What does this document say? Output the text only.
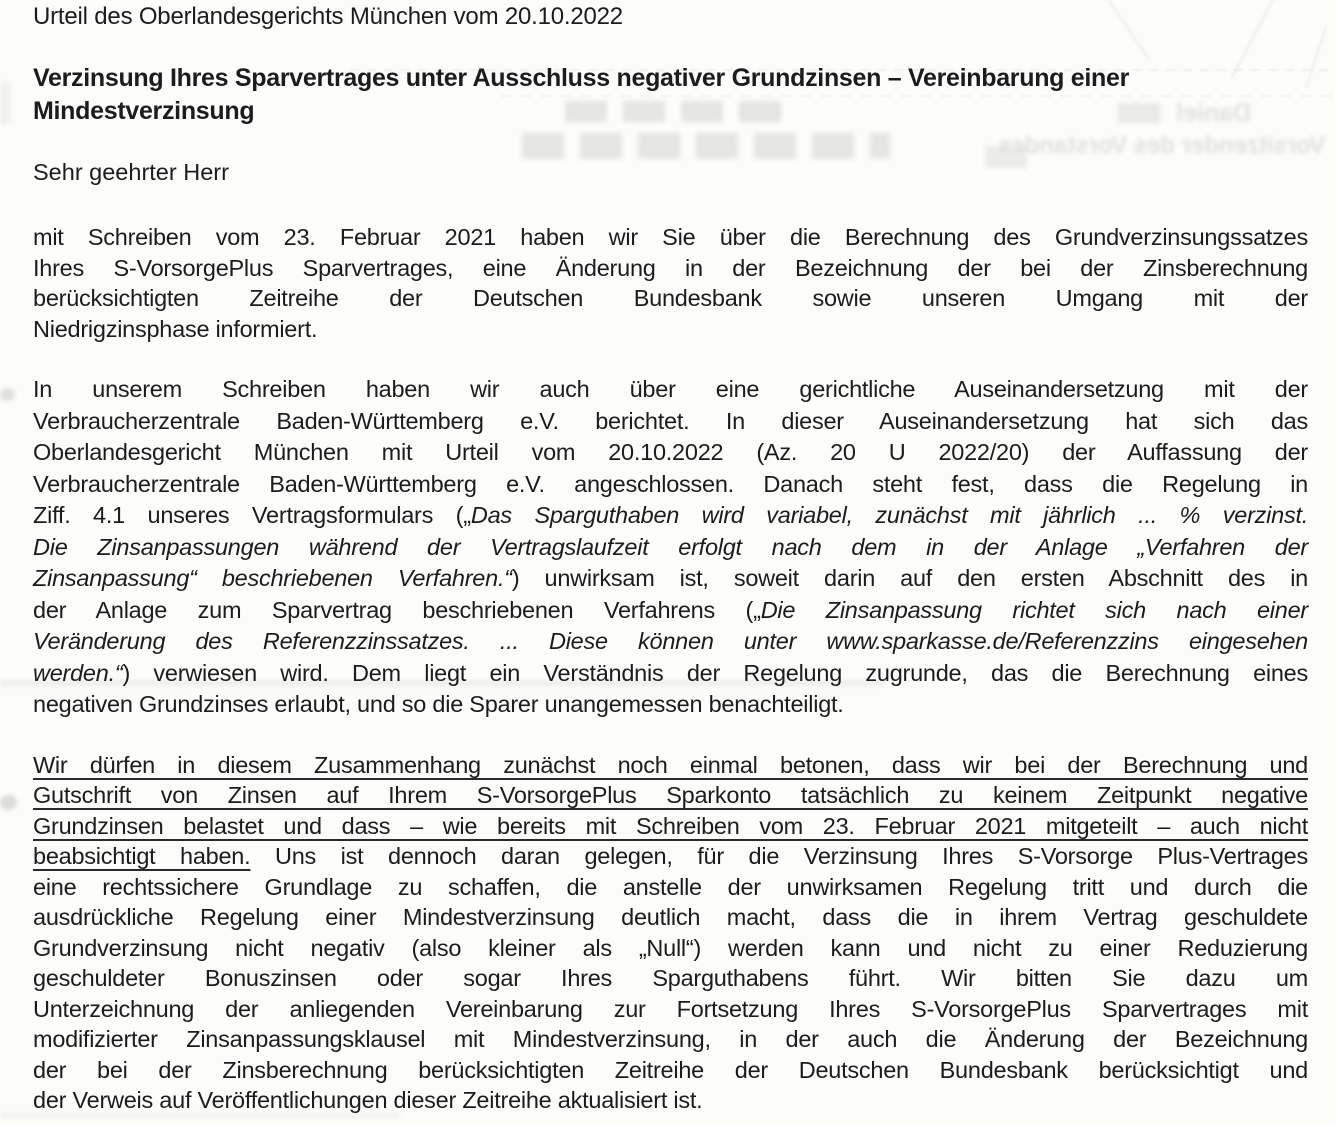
Daniel
Vorsitzender des Vorstandes
Urteil des Oberlandesgerichts München vom 20.10.2022
Verzinsung Ihres Sparvertrages unter Ausschluss negativer Grundzinsen – Vereinbarung einer
Mindestverzinsung
Sehr geehrter Herr
mit Schreiben vom 23. Februar 2021 haben wir Sie über die Berechnung des Grundverzinsungssatzes
Ihres S-VorsorgePlus Sparvertrages, eine Änderung in der Bezeichnung der bei der Zinsberechnung
berücksichtigten Zeitreihe der Deutschen Bundesbank sowie unseren Umgang mit der
Niedrigzinsphase informiert.
In unserem Schreiben haben wir auch über eine gerichtliche Auseinandersetzung mit der
Verbraucherzentrale Baden-Württemberg e.V. berichtet. In dieser Auseinandersetzung hat sich das
Oberlandesgericht München mit Urteil vom 20.10.2022 (Az. 20 U 2022/20) der Auffassung der
Verbraucherzentrale Baden-Württemberg e.V. angeschlossen. Danach steht fest, dass die Regelung in
Ziff. 4.1 unseres Vertragsformulars („Das Sparguthaben wird variabel, zunächst mit jährlich ... % verzinst.
Die Zinsanpassungen während der Vertragslaufzeit erfolgt nach dem in der Anlage „Verfahren der
Zinsanpassung“ beschriebenen Verfahren.“) unwirksam ist, soweit darin auf den ersten Abschnitt des in
der Anlage zum Sparvertrag beschriebenen Verfahrens („Die Zinsanpassung richtet sich nach einer
Veränderung des Referenzzinssatzes. ... Diese können unter www.sparkasse.de/Referenzzins eingesehen
werden.“) verwiesen wird. Dem liegt ein Verständnis der Regelung zugrunde, das die Berechnung eines
negativen Grundzinses erlaubt, und so die Sparer unangemessen benachteiligt.
Wir dürfen in diesem Zusammenhang zunächst noch einmal betonen, dass wir bei der Berechnung und
Gutschrift von Zinsen auf Ihrem S-VorsorgePlus Sparkonto tatsächlich zu keinem Zeitpunkt negative
Grundzinsen belastet und dass – wie bereits mit Schreiben vom 23. Februar 2021 mitgeteilt – auch nicht
beabsichtigt haben. Uns ist dennoch daran gelegen, für die Verzinsung Ihres S-Vorsorge Plus-Vertrages
eine rechtssichere Grundlage zu schaffen, die anstelle der unwirksamen Regelung tritt und durch die
ausdrückliche Regelung einer Mindestverzinsung deutlich macht, dass die in ihrem Vertrag geschuldete
Grundverzinsung nicht negativ (also kleiner als „Null“) werden kann und nicht zu einer Reduzierung
geschuldeter Bonuszinsen oder sogar Ihres Sparguthabens führt. Wir bitten Sie dazu um
Unterzeichnung der anliegenden Vereinbarung zur Fortsetzung Ihres S-VorsorgePlus Sparvertrages mit
modifizierter Zinsanpassungsklausel mit Mindestverzinsung, in der auch die Änderung der Bezeichnung
der bei der Zinsberechnung berücksichtigten Zeitreihe der Deutschen Bundesbank berücksichtigt und
der Verweis auf Veröffentlichungen dieser Zeitreihe aktualisiert ist.
